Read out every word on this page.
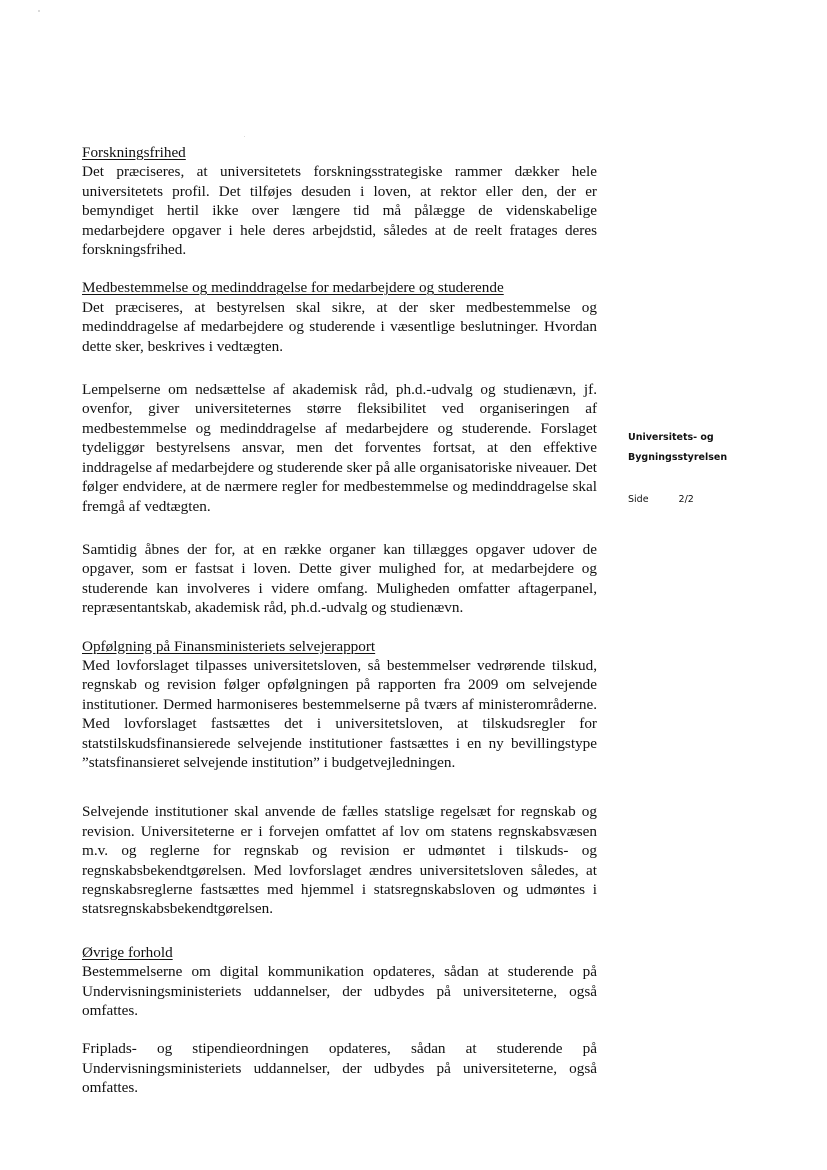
Forskningsfrihed

Det præciseres, at universitetets forskningsstrategiske rammer dækker hele universitetets profil. Det tilføjes desuden i loven, at rektor eller den, der er bemyndiget hertil ikke over længere tid må pålægge de videnskabelige medarbejdere opgaver i hele deres arbejdstid, således at de reelt fratages deres forskningsfrihed.

Medbestemmelse og medinddragelse for medarbejdere og studerende

Det præciseres, at bestyrelsen skal sikre, at der sker medbestemmelse og medinddragelse af medarbejdere og studerende i væsentlige beslutninger. Hvordan dette sker, beskrives i vedtægten.

Lempelserne om nedsættelse af akademisk råd, ph.d.-udvalg og studienævn, jf. ovenfor, giver universiteternes større fleksibilitet ved organiseringen af medbestemmelse og medinddragelse af medarbejdere og studerende. Forslaget tydeliggør bestyrelsens ansvar, men det forventes fortsat, at den effektive inddragelse af medarbejdere og studerende sker på alle organisatoriske niveauer. Det følger endvidere, at de nærmere regler for medbestemmelse og medinddragelse skal fremgå af vedtægten.

Samtidig åbnes der for, at en række organer kan tillægges opgaver udover de opgaver, som er fastsat i loven. Dette giver mulighed for, at medarbejdere og studerende kan involveres i videre omfang. Muligheden omfatter aftagerpanel, repræsentantskab, akademisk råd, ph.d.-udvalg og studienævn.

Opfølgning på Finansministeriets selvejerapport

Med lovforslaget tilpasses universitetsloven, så bestemmelser vedrørende tilskud, regnskab og revision følger opfølgningen på rapporten fra 2009 om selvejende institutioner. Dermed harmoniseres bestemmelserne på tværs af ministerområderne. Med lovforslaget fastsættes det i universitetsloven, at tilskudsregler for statstilskudsfinansierede selvejende institutioner fastsættes i en ny bevillingstype ”statsfinansieret selvejende institution” i budgetvejledningen.

Selvejende institutioner skal anvende de fælles statslige regelsæt for regnskab og revision. Universiteterne er i forvejen omfattet af lov om statens regnskabsvæsen m.v. og reglerne for regnskab og revision er udmøntet i tilskuds- og regnskabsbekendtgørelsen. Med lovforslaget ændres universitetsloven således, at regnskabsreglerne fastsættes med hjemmel i statsregnskabsloven og udmøntes i statsregnskabsbekendtgørelsen.

Øvrige forhold

Bestemmelserne om digital kommunikation opdateres, sådan at studerende på Undervisningsministeriets uddannelser, der udbydes på universiteterne, også omfattes.

Friplads- og stipendieordningen opdateres, sådan at studerende på Undervisningsministeriets uddannelser, der udbydes på universiteterne, også omfattes.

Universitets- og
Bygningsstyrelsen
Side	2/2
